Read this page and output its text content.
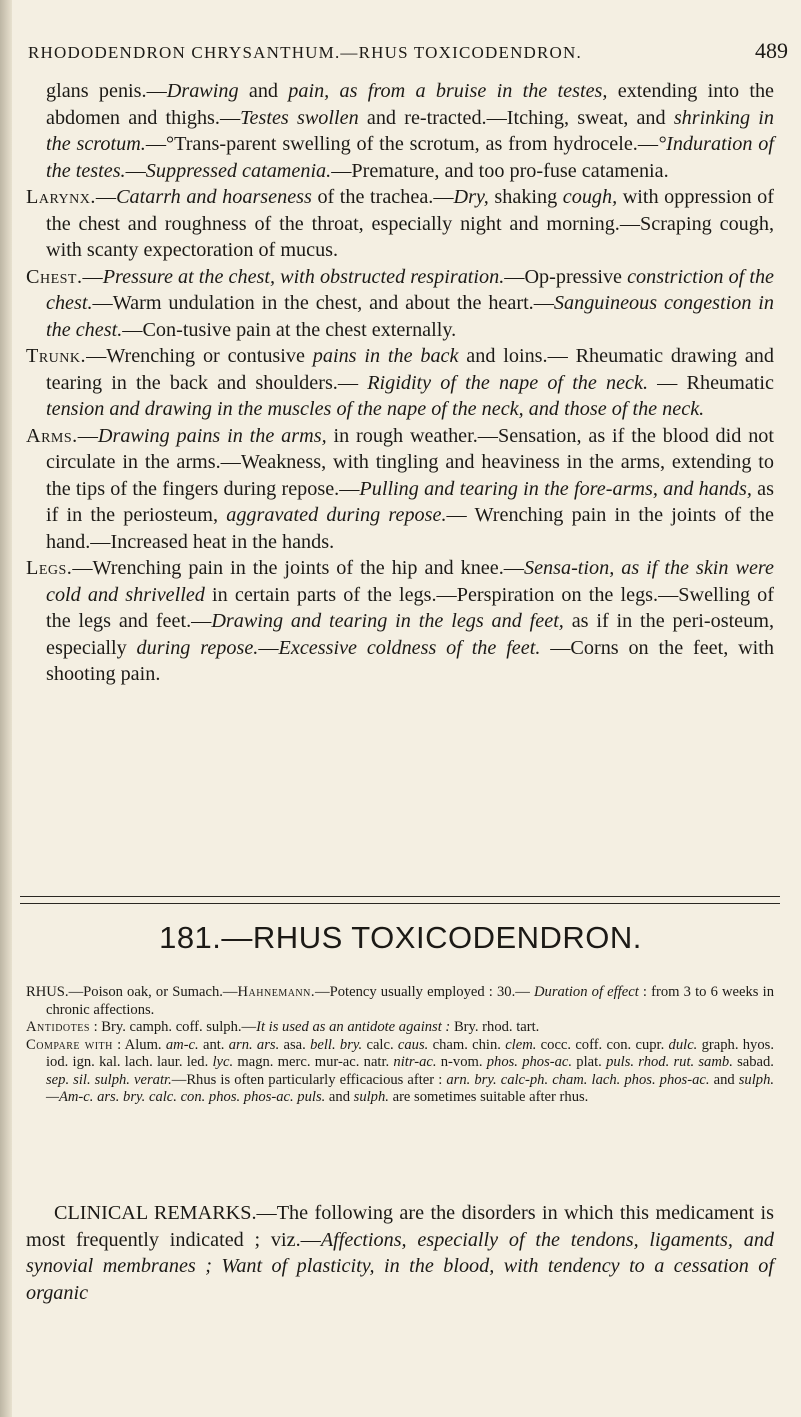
RHODODENDRON CHRYSANTHUM.—RHUS TOXICODENDRON.	489

glans penis.—Drawing and pain, as from a bruise in the testes, extending into the abdomen and thighs.—Testes swollen and re-tracted.—Itching, sweat, and shrinking in the scrotum.—°Trans-parent swelling of the scrotum, as from hydrocele.—°Induration of the testes.—Suppressed catamenia.—Premature, and too pro-fuse catamenia.

Larynx.—Catarrh and hoarseness of the trachea.—Dry, shaking cough, with oppression of the chest and roughness of the throat, especially night and morning.—Scraping cough, with scanty expectoration of mucus.

Chest.—Pressure at the chest, with obstructed respiration.—Op-pressive constriction of the chest.—Warm undulation in the chest, and about the heart.—Sanguineous congestion in the chest.—Con-tusive pain at the chest externally.

Trunk.—Wrenching or contusive pains in the back and loins.— Rheumatic drawing and tearing in the back and shoulders.— Rigidity of the nape of the neck. — Rheumatic tension and drawing in the muscles of the nape of the neck, and those of the neck.

Arms.—Drawing pains in the arms, in rough weather.—Sensation, as if the blood did not circulate in the arms.—Weakness, with tingling and heaviness in the arms, extending to the tips of the fingers during repose.—Pulling and tearing in the fore-arms, and hands, as if in the periosteum, aggravated during repose.— Wrenching pain in the joints of the hand.—Increased heat in the hands.

Legs.—Wrenching pain in the joints of the hip and knee.—Sensa-tion, as if the skin were cold and shrivelled in certain parts of the legs.—Perspiration on the legs.—Swelling of the legs and feet.—Drawing and tearing in the legs and feet, as if in the peri-osteum, especially during repose.—Excessive coldness of the feet. —Corns on the feet, with shooting pain.

181.—RHUS TOXICODENDRON.

RHUS.—Poison oak, or Sumach.—Hahnemann.—Potency usually employed : 30.— Duration of effect : from 3 to 6 weeks in chronic affections.

Antidotes : Bry. camph. coff. sulph.—It is used as an antidote against : Bry. rhod. tart.

Compare with : Alum. am-c. ant. arn. ars. asa. bell. bry. calc. caus. cham. chin. clem. cocc. coff. con. cupr. dulc. graph. hyos. iod. ign. kal. lach. laur. led. lyc. magn. merc. mur-ac. natr. nitr-ac. n-vom. phos. phos-ac. plat. puls. rhod. rut. samb. sabad. sep. sil. sulph. veratr.—Rhus is often particularly efficacious after : arn. bry. calc-ph. cham. lach. phos. phos-ac. and sulph.—Am-c. ars. bry. calc. con. phos. phos-ac. puls. and sulph. are sometimes suitable after rhus.

CLINICAL REMARKS.—The following are the disorders in which this medicament is most frequently indicated ; viz.—Affections, especially of the tendons, ligaments, and synovial membranes ; Want of plasticity, in the blood, with tendency to a cessation of organic
